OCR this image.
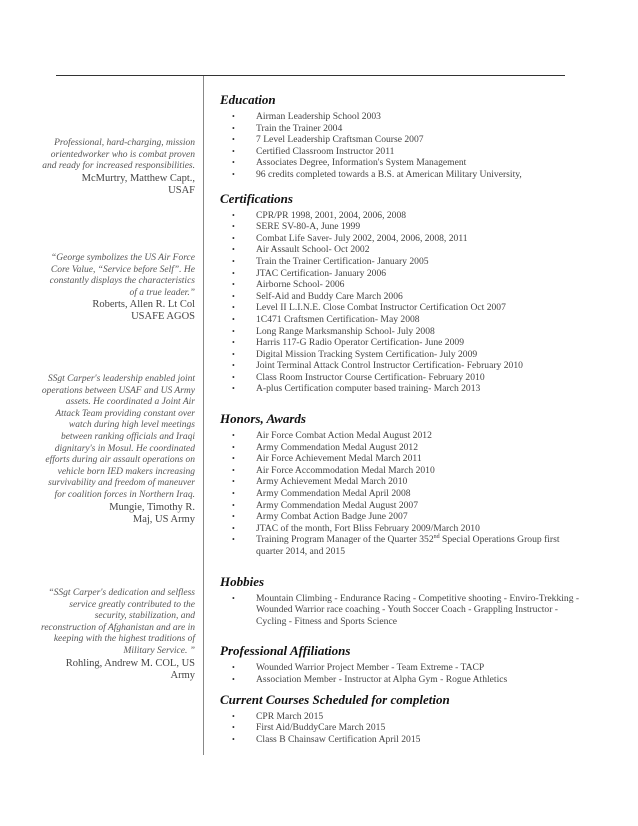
Professional, hard-charging, mission orientedworker who is combat proven and ready for increased responsibilities.
McMurtry, Matthew Capt.,
USAF
“George symbolizes the US Air Force Core Value, “Service before Self”. He constantly displays the characteristics of a true leader.”
Roberts, Allen R. Lt Col
USAFE AGOS
SSgt Carper's leadership enabled joint operations between USAF and US Army assets. He coordinated a Joint Air Attack Team providing constant over watch during high level meetings between ranking officials and Iraqi dignitary's in Mosul. He coordinated efforts during air assault operations on vehicle born IED makers increasing survivability and freedom of maneuver for coalition forces in Northern Iraq.
Mungie, Timothy R.
Maj, US Army
“SSgt Carper's dedication and selfless service greatly contributed to the security, stabilization, and reconstruction of Afghanistan and are in keeping with the highest traditions of Military Service. ”
Rohling, Andrew M. COL, US
Army
Education
• Airman Leadership School 2003
• Train the Trainer 2004
• 7 Level Leadership Craftsman Course 2007
• Certified Classroom Instructor 2011
• Associates Degree, Information's System Management
• 96 credits completed towards a B.S. at American Military University,
Certifications
• CPR/PR 1998, 2001, 2004, 2006, 2008
• SERE SV-80-A, June 1999
• Combat Life Saver- July 2002, 2004, 2006, 2008, 2011
• Air Assault School- Oct 2002
• Train the Trainer Certification- January 2005
• JTAC Certification- January 2006
• Airborne School- 2006
• Self-Aid and Buddy Care March 2006
• Level II L.I.N.E. Close Combat Instructor Certification Oct 2007
• 1C471 Craftsmen Certification- May 2008
• Long Range Marksmanship School- July 2008
• Harris 117-G Radio Operator Certification- June 2009
• Digital Mission Tracking System Certification- July 2009
• Joint Terminal Attack Control Instructor Certification- February 2010
• Class Room Instructor Course Certification- February 2010
• A-plus Certification computer based training- March 2013
Honors, Awards
• Air Force Combat Action Medal August 2012
• Army Commendation Medal August 2012
• Air Force Achievement Medal March 2011
• Air Force Accommodation Medal March 2010
• Army Achievement Medal March 2010
• Army Commendation Medal April 2008
• Army Commendation Medal August 2007
• Army Combat Action Badge June 2007
• JTAC of the month, Fort Bliss February 2009/March 2010
• Training Program Manager of the Quarter 352nd Special Operations Group first quarter 2014, and 2015
Hobbies
• Mountain Climbing - Endurance Racing - Competitive shooting - Enviro-Trekking - Wounded Warrior race coaching - Youth Soccer Coach - Grappling Instructor - Cycling - Fitness and Sports Science
Professional Affiliations
• Wounded Warrior Project Member - Team Extreme - TACP
• Association Member - Instructor at Alpha Gym - Rogue Athletics
Current Courses Scheduled for completion
• CPR March 2015
• First Aid/BuddyCare March 2015
• Class B Chainsaw Certification April 2015
